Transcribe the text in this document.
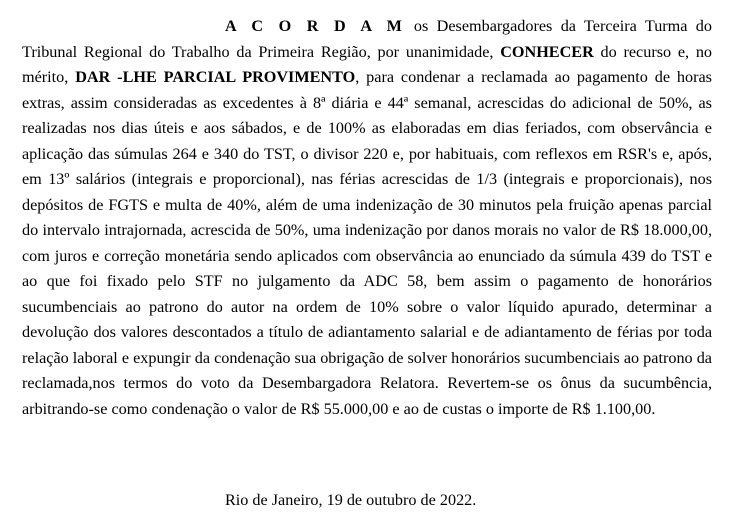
A C O R D A M os Desembargadores da Terceira Turma do Tribunal Regional do Trabalho da Primeira Região, por unanimidade, CONHECER do recurso e, no mérito, DAR -LHE PARCIAL PROVIMENTO, para condenar a reclamada ao pagamento de horas extras, assim consideradas as excedentes à 8ª diária e 44ª semanal, acrescidas do adicional de 50%, as realizadas nos dias úteis e aos sábados, e de 100% as elaboradas em dias feriados, com observância e aplicação das súmulas 264 e 340 do TST, o divisor 220 e, por habituais, com reflexos em RSR's e, após, em 13º salários (integrais e proporcional), nas férias acrescidas de 1/3 (integrais e proporcionais), nos depósitos de FGTS e multa de 40%, além de uma indenização de 30 minutos pela fruição apenas parcial do intervalo intrajornada, acrescida de 50%, uma indenização por danos morais no valor de R$ 18.000,00, com juros e correção monetária sendo aplicados com observância ao enunciado da súmula 439 do TST e ao que foi fixado pelo STF no julgamento da ADC 58, bem assim o pagamento de honorários sucumbenciais ao patrono do autor na ordem de 10% sobre o valor líquido apurado, determinar a devolução dos valores descontados a título de adiantamento salarial e de adiantamento de férias por toda relação laboral e expungir da condenação sua obrigação de solver honorários sucumbenciais ao patrono da reclamada,nos termos do voto da Desembargadora Relatora. Revertem-se os ônus da sucumbência, arbitrando-se como condenação o valor de R$ 55.000,00 e ao de custas o importe de R$ 1.100,00.

Rio de Janeiro, 19 de outubro de 2022.
